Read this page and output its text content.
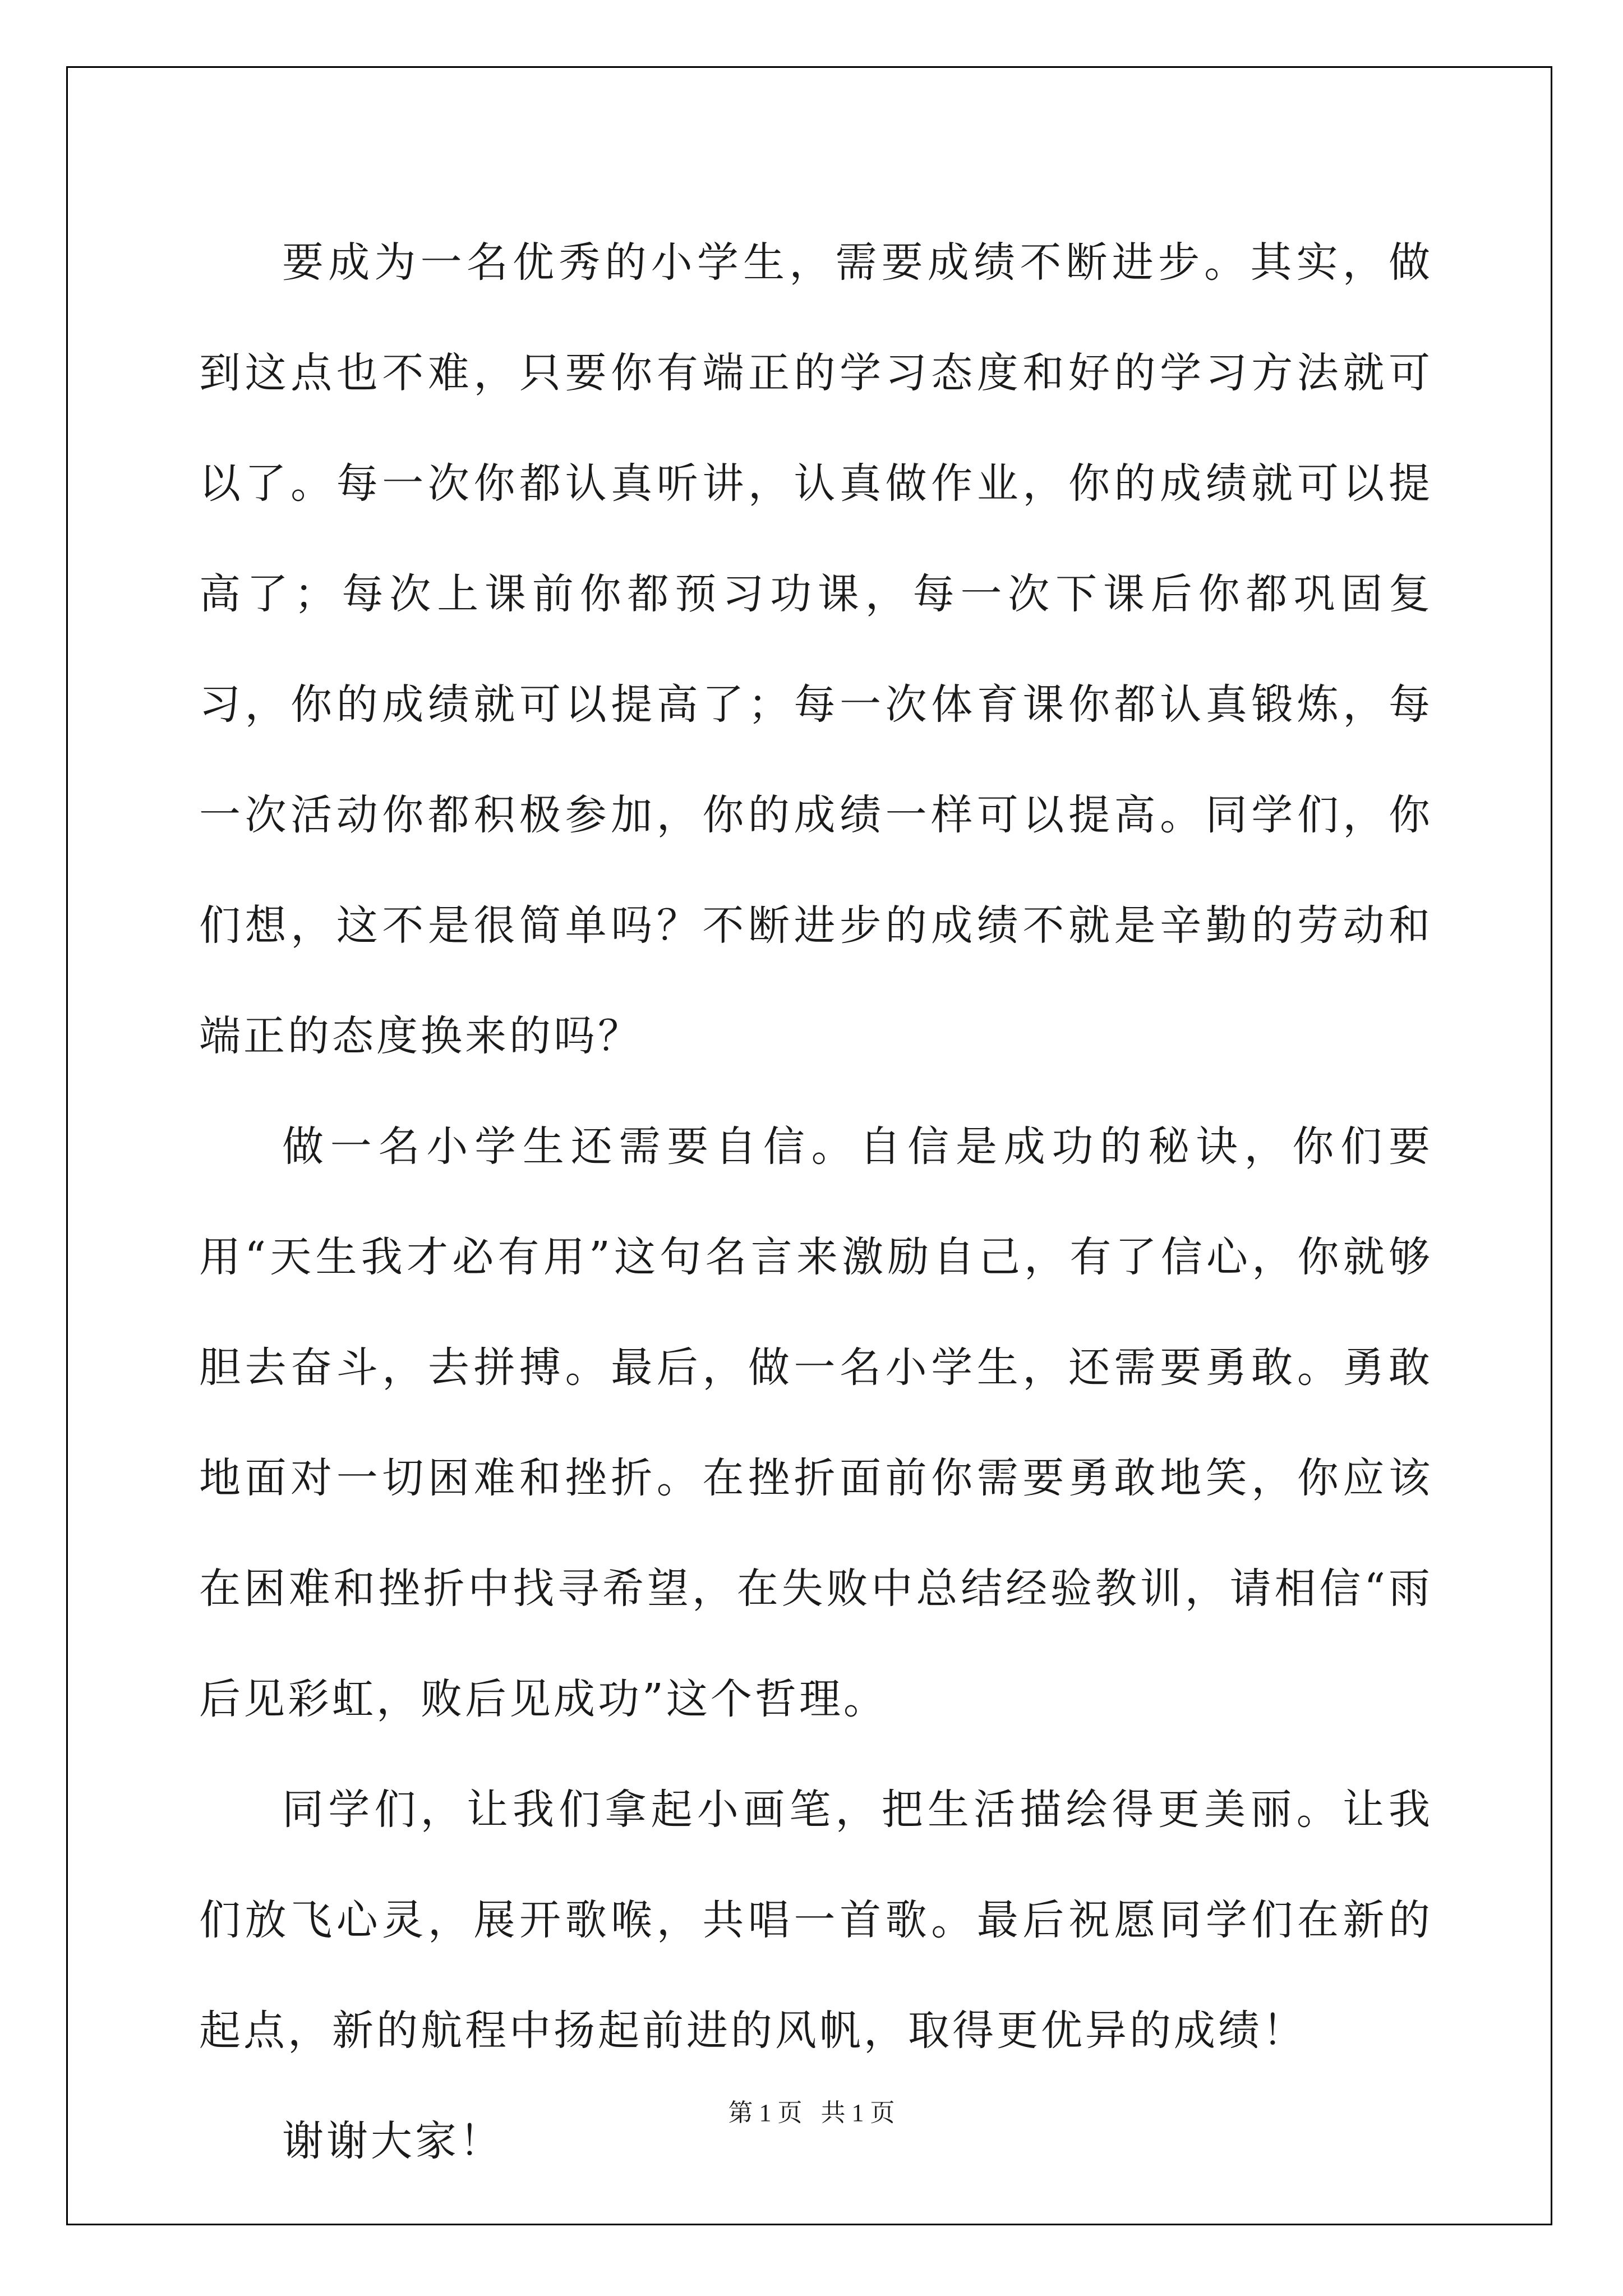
要成为一名优秀的小学生，需要成绩不断进步。其实，做到这点也不难，只要你有端正的学习态度和好的学习方法就可以了。每一次你都认真听讲，认真做作业，你的成绩就可以提高了；每次上课前你都预习功课，每一次下课后你都巩固复习，你的成绩就可以提高了；每一次体育课你都认真锻炼，每一次活动你都积极参加，你的成绩一样可以提高。同学们，你们想，这不是很简单吗？不断进步的成绩不就是辛勤的劳动和端正的态度换来的吗？

做一名小学生还需要自信。自信是成功的秘诀，你们要用“天生我才必有用”这句名言来激励自己，有了信心，你就够胆去奋斗，去拼搏。最后，做一名小学生，还需要勇敢。勇敢地面对一切困难和挫折。在挫折面前你需要勇敢地笑，你应该在困难和挫折中找寻希望，在失败中总结经验教训，请相信“雨后见彩虹，败后见成功”这个哲理。

同学们，让我们拿起小画笔，把生活描绘得更美丽。让我们放飞心灵，展开歌喉，共唱一首歌。最后祝愿同学们在新的起点，新的航程中扬起前进的风帆，取得更优异的成绩！

谢谢大家！

第 1 页   共 1 页
